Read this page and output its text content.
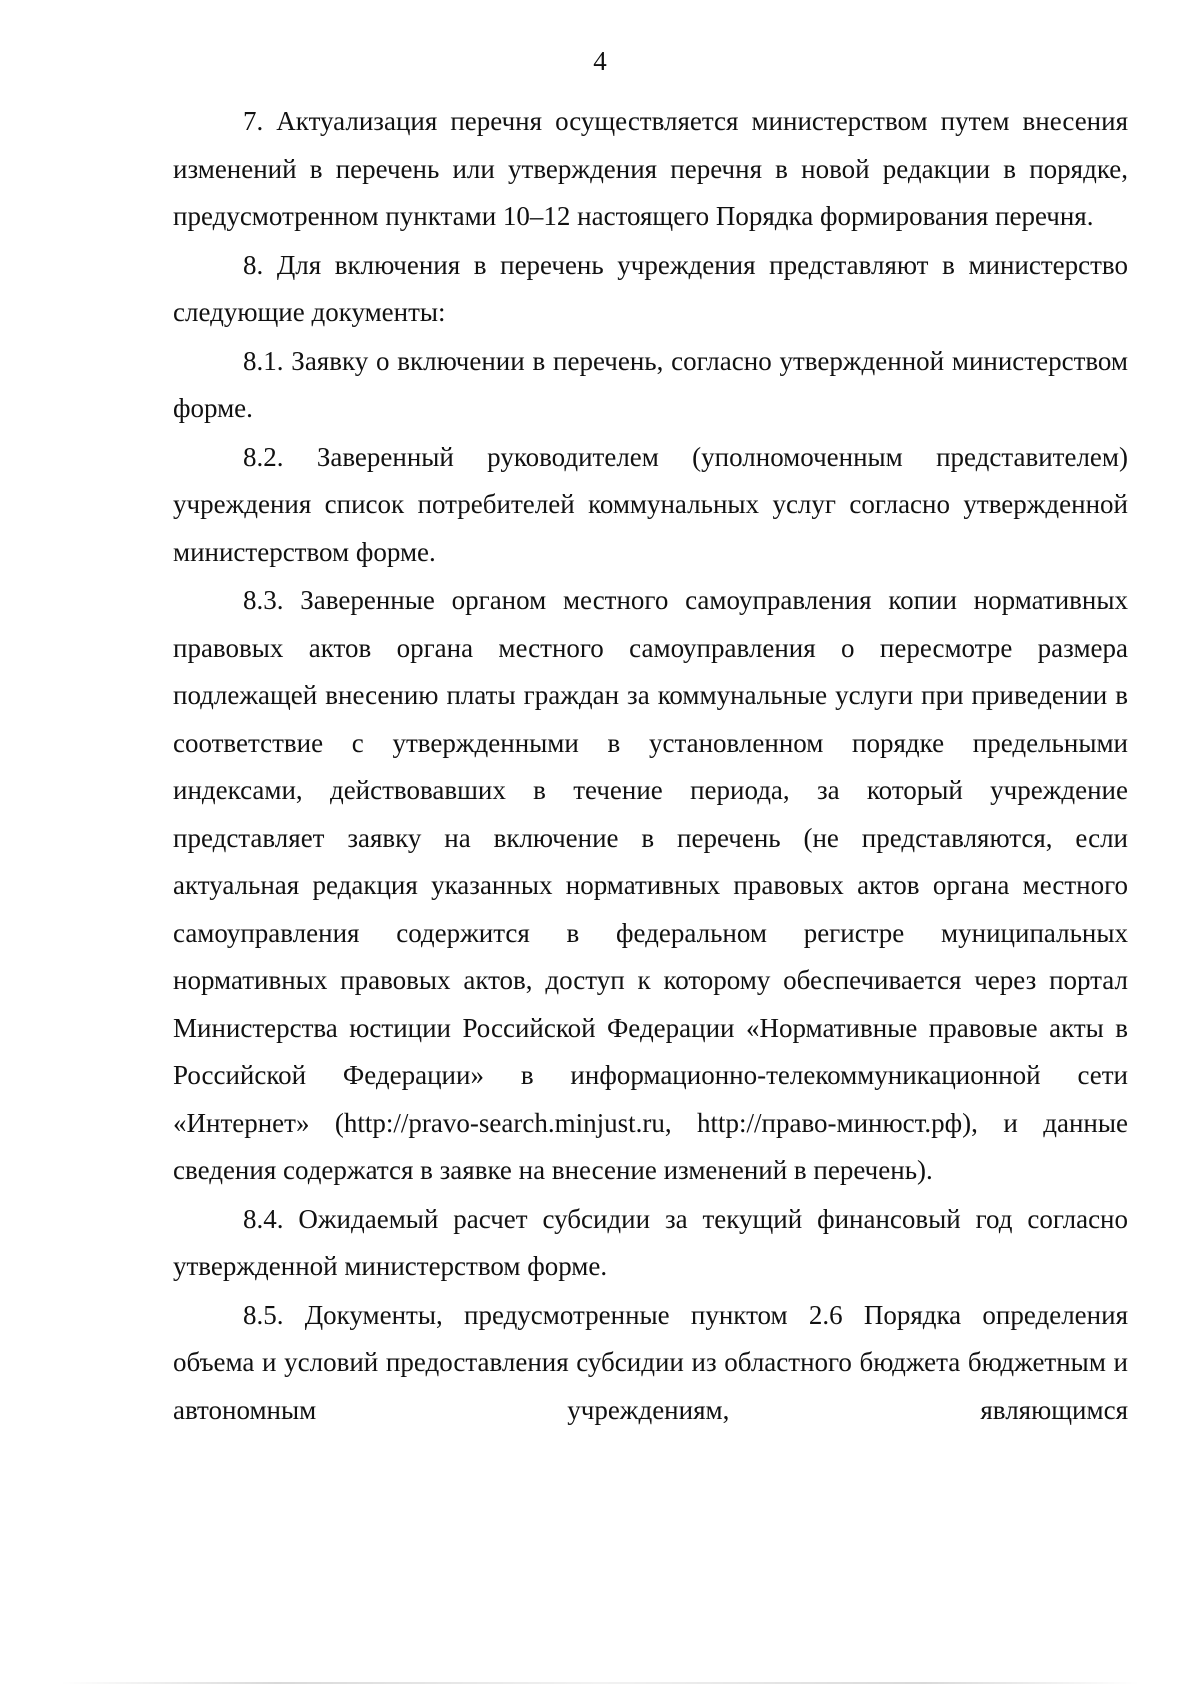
4

7. Актуализация перечня осуществляется министерством путем внесения изменений в перечень или утверждения перечня в новой редакции в порядке, предусмотренном пунктами 10–12 настоящего Порядка формирования перечня.

8. Для включения в перечень учреждения представляют в министерство следующие документы:

8.1. Заявку о включении в перечень, согласно утвержденной министерством форме.

8.2. Заверенный руководителем (уполномоченным представителем) учреждения список потребителей коммунальных услуг согласно утвержденной министерством форме.

8.3. Заверенные органом местного самоуправления копии нормативных правовых актов органа местного самоуправления о пересмотре размера подлежащей внесению платы граждан за коммунальные услуги при приведении в соответствие с утвержденными в установленном порядке предельными индексами, действовавших в течение периода, за который учреждение представляет заявку на включение в перечень (не представляются, если актуальная редакция указанных нормативных правовых актов органа местного самоуправления содержится в федеральном регистре муниципальных нормативных правовых актов, доступ к которому обеспечивается через портал Министерства юстиции Российской Федерации «Нормативные правовые акты в Российской Федерации» в информационно-телекоммуникационной сети «Интернет» (http://pravo-search.minjust.ru, http://право-минюст.рф), и данные сведения содержатся в заявке на внесение изменений в перечень).

8.4. Ожидаемый расчет субсидии за текущий финансовый год согласно утвержденной министерством форме.

8.5. Документы, предусмотренные пунктом 2.6 Порядка определения объема и условий предоставления субсидии из областного бюджета бюджетным и автономным учреждениям, являющимся
